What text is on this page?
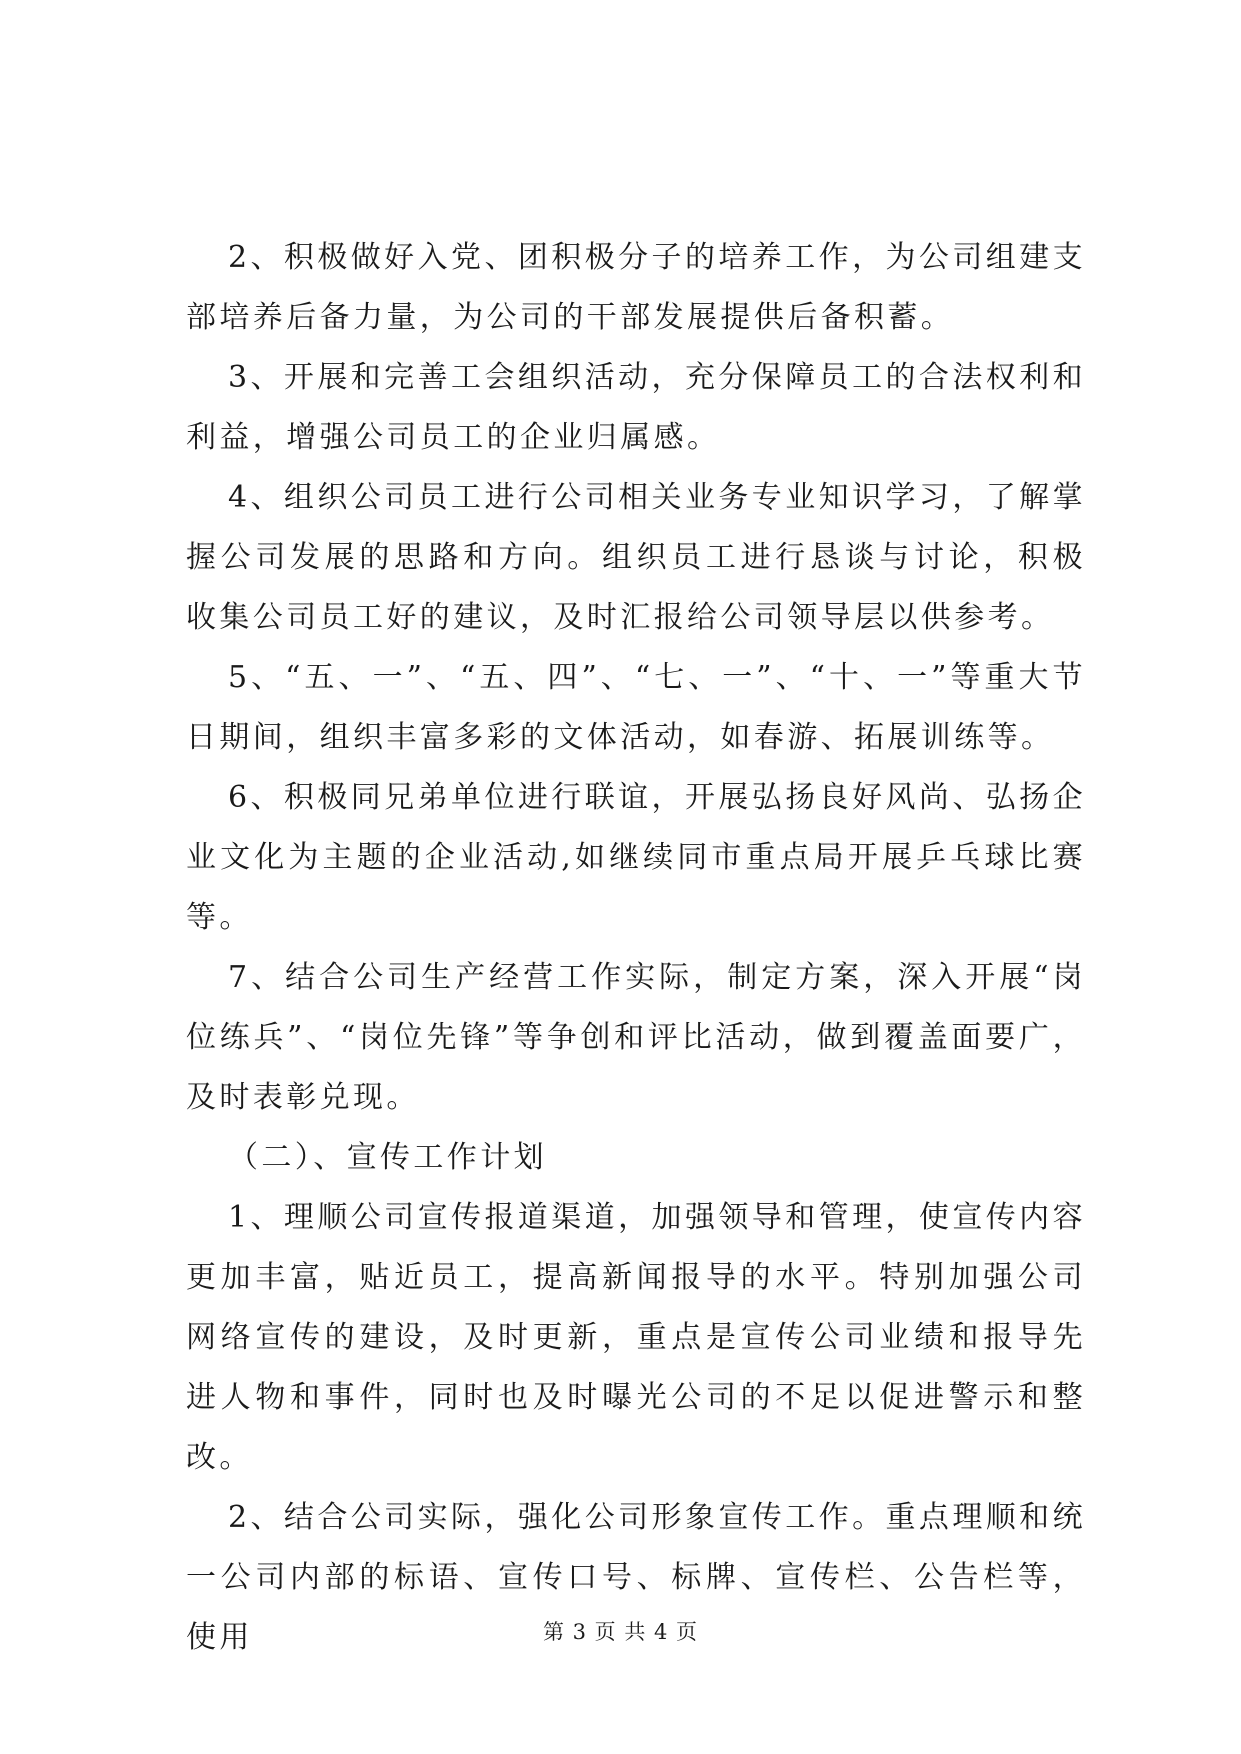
2、积极做好入党、团积极分子的培养工作，为公司组建支部培养后备力量，为公司的干部发展提供后备积蓄。

3、开展和完善工会组织活动，充分保障员工的合法权利和利益，增强公司员工的企业归属感。

4、组织公司员工进行公司相关业务专业知识学习，了解掌握公司发展的思路和方向。组织员工进行恳谈与讨论，积极收集公司员工好的建议，及时汇报给公司领导层以供参考。

5、“五、一”、“五、四”、“七、一”、“十、一”等重大节日期间，组织丰富多彩的文体活动，如春游、拓展训练等。

6、积极同兄弟单位进行联谊，开展弘扬良好风尚、弘扬企业文化为主题的企业活动,如继续同市重点局开展乒乓球比赛等。

7、结合公司生产经营工作实际，制定方案，深入开展“岗位练兵”、“岗位先锋”等争创和评比活动，做到覆盖面要广，及时表彰兑现。

（二）、宣传工作计划

1、理顺公司宣传报道渠道，加强领导和管理，使宣传内容更加丰富，贴近员工，提高新闻报导的水平。特别加强公司网络宣传的建设，及时更新，重点是宣传公司业绩和报导先进人物和事件，同时也及时曝光公司的不足以促进警示和整改。

2、结合公司实际，强化公司形象宣传工作。重点理顺和统一公司内部的标语、宣传口号、标牌、宣传栏、公告栏等，使用	第 3 页 共 4 页
